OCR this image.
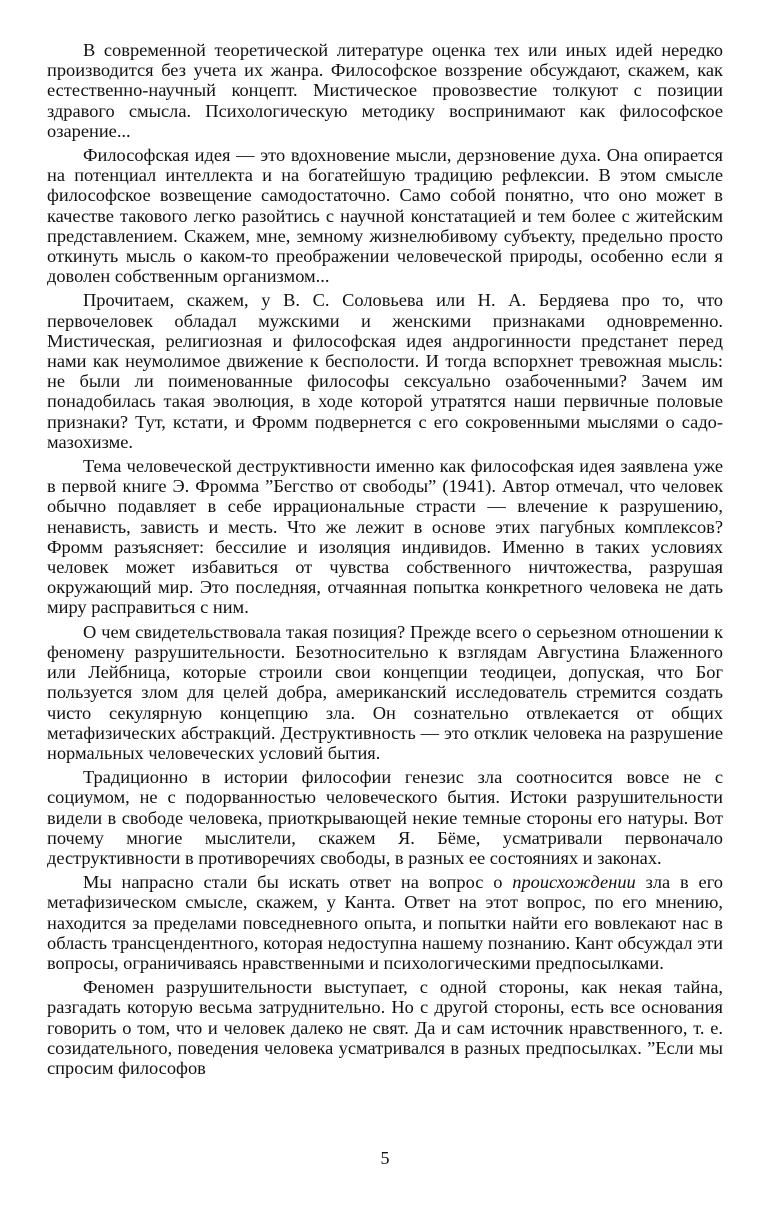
В современной теоретической литературе оценка тех или иных идей нередко производится без учета их жанра. Философское воззрение обсуждают, скажем, как естественно-научный концепт. Мистическое провозвестие толкуют с позиции здравого смысла. Психологическую методику воспринимают как философское озарение...

Философская идея — это вдохновение мысли, дерзновение духа. Она опирается на потенциал интеллекта и на богатейшую традицию рефлексии. В этом смысле философское возвещение самодостаточно. Само собой понятно, что оно может в качестве такового легко разойтись с научной констатацией и тем более с житейским представлением. Скажем, мне, земному жизнелюбивому субъекту, предельно просто откинуть мысль о каком-то преображении человеческой природы, особенно если я доволен собственным организмом...

Прочитаем, скажем, у В. С. Соловьева или Н. А. Бердяева про то, что первочеловек обладал мужскими и женскими признаками одновременно. Мистическая, религиозная и философская идея андрогинности предстанет перед нами как неумолимое движение к бесполости. И тогда вспорхнет тревожная мысль: не были ли поименованные философы сексуально озабоченными? Зачем им понадобилась такая эволюция, в ходе которой утратятся наши первичные половые признаки? Тут, кстати, и Фромм подвернется с его сокровенными мыслями о садо-мазохизме.

Тема человеческой деструктивности именно как философская идея заявлена уже в первой книге Э. Фромма ”Бегство от свободы” (1941). Автор отмечал, что человек обычно подавляет в себе иррациональные страсти — влечение к разрушению, ненависть, зависть и месть. Что же лежит в основе этих пагубных комплексов? Фромм разъясняет: бессилие и изоляция индивидов. Именно в таких условиях человек может избавиться от чувства собственного ничтожества, разрушая окружающий мир. Это последняя, отчаянная попытка конкретного человека не дать миру расправиться с ним.

О чем свидетельствовала такая позиция? Прежде всего о серьезном отношении к феномену разрушительности. Безотносительно к взглядам Августина Блаженного или Лейбница, которые строили свои концепции теодицеи, допуская, что Бог пользуется злом для целей добра, американский исследователь стремится создать чисто секулярную концепцию зла. Он сознательно отвлекается от общих метафизических абстракций. Деструктивность — это отклик человека на разрушение нормальных человеческих условий бытия.

Традиционно в истории философии генезис зла соотносится вовсе не с социумом, не с подорванностью человеческого бытия. Истоки разрушительности видели в свободе человека, приоткрывающей некие темные стороны его натуры. Вот почему многие мыслители, скажем Я. Бёме, усматривали первоначало деструктивности в противоречиях свободы, в разных ее состояниях и законах.

Мы напрасно стали бы искать ответ на вопрос о происхождении зла в его метафизическом смысле, скажем, у Канта. Ответ на этот вопрос, по его мнению, находится за пределами повседневного опыта, и попытки найти его вовлекают нас в область трансцендентного, которая недоступна нашему познанию. Кант обсуждал эти вопросы, ограничиваясь нравственными и психологическими предпосылками.

Феномен разрушительности выступает, с одной стороны, как некая тайна, разгадать которую весьма затруднительно. Но с другой стороны, есть все основания говорить о том, что и человек далеко не свят. Да и сам источник нравственного, т. е. созидательного, поведения человека усматривался в разных предпосылках. ”Если мы спросим философов

5
